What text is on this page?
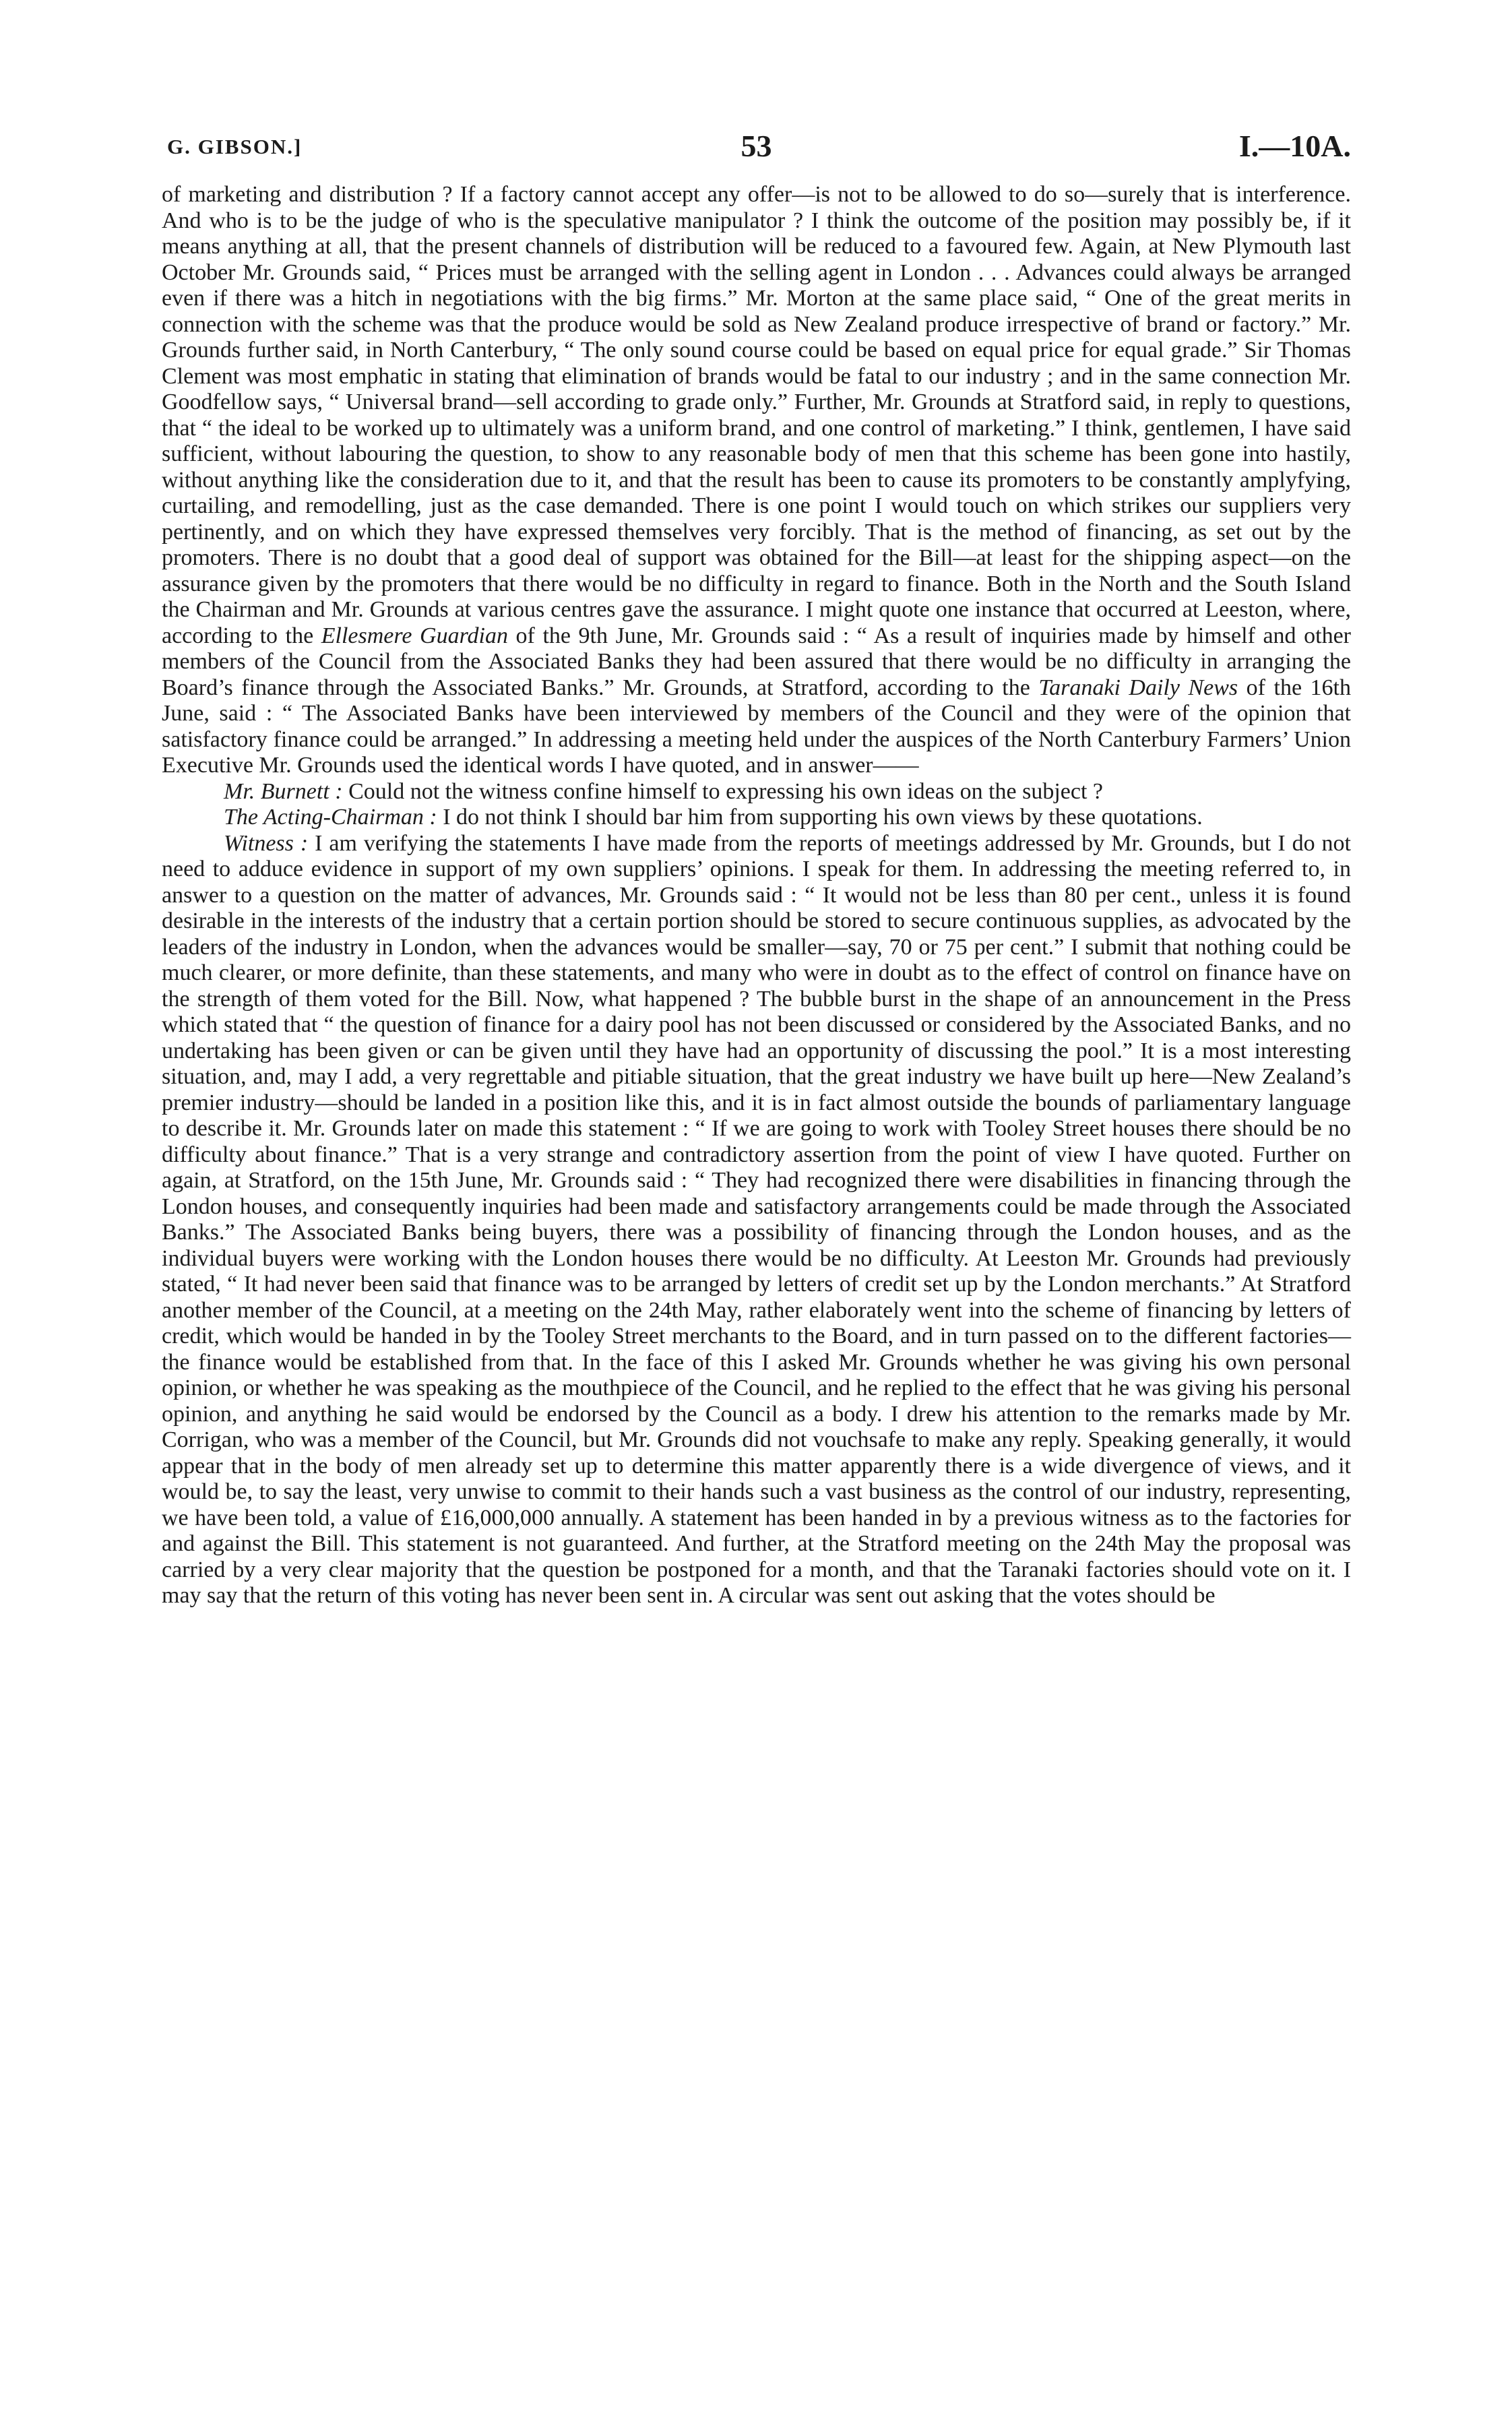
G. GIBSON.]	53	I.—10A.

of marketing and distribution ? If a factory cannot accept any offer—is not to be allowed to do so—surely that is interference. And who is to be the judge of who is the speculative manipulator ? I think the outcome of the position may possibly be, if it means anything at all, that the present channels of distribution will be reduced to a favoured few. Again, at New Plymouth last October Mr. Grounds said, “ Prices must be arranged with the selling agent in London . . . Advances could always be arranged even if there was a hitch in negotiations with the big firms.” Mr. Morton at the same place said, “ One of the great merits in connection with the scheme was that the produce would be sold as New Zealand produce irrespective of brand or factory.” Mr. Grounds further said, in North Canterbury, “ The only sound course could be based on equal price for equal grade.” Sir Thomas Clement was most emphatic in stating that elimination of brands would be fatal to our industry ; and in the same connection Mr. Goodfellow says, “ Universal brand—sell according to grade only.” Further, Mr. Grounds at Stratford said, in reply to questions, that “ the ideal to be worked up to ultimately was a uniform brand, and one control of marketing.” I think, gentlemen, I have said sufficient, without labouring the question, to show to any reasonable body of men that this scheme has been gone into hastily, without anything like the consideration due to it, and that the result has been to cause its promoters to be constantly amplyfying, curtailing, and remodelling, just as the case demanded. There is one point I would touch on which strikes our suppliers very pertinently, and on which they have expressed themselves very forcibly. That is the method of financing, as set out by the promoters. There is no doubt that a good deal of support was obtained for the Bill—at least for the shipping aspect—on the assurance given by the promoters that there would be no difficulty in regard to finance. Both in the North and the South Island the Chairman and Mr. Grounds at various centres gave the assurance. I might quote one instance that occurred at Leeston, where, according to the Ellesmere Guardian of the 9th June, Mr. Grounds said : “ As a result of inquiries made by himself and other members of the Council from the Associated Banks they had been assured that there would be no difficulty in arranging the Board’s finance through the Associated Banks.” Mr. Grounds, at Stratford, according to the Taranaki Daily News of the 16th June, said : “ The Associated Banks have been interviewed by members of the Council and they were of the opinion that satisfactory finance could be arranged.” In addressing a meeting held under the auspices of the North Canterbury Farmers’ Union Executive Mr. Grounds used the identical words I have quoted, and in answer——

Mr. Burnett : Could not the witness confine himself to expressing his own ideas on the subject ?

The Acting-Chairman : I do not think I should bar him from supporting his own views by these quotations.

Witness : I am verifying the statements I have made from the reports of meetings addressed by Mr. Grounds, but I do not need to adduce evidence in support of my own suppliers’ opinions. I speak for them. In addressing the meeting referred to, in answer to a question on the matter of advances, Mr. Grounds said : “ It would not be less than 80 per cent., unless it is found desirable in the interests of the industry that a certain portion should be stored to secure continuous supplies, as advocated by the leaders of the industry in London, when the advances would be smaller—say, 70 or 75 per cent.” I submit that nothing could be much clearer, or more definite, than these statements, and many who were in doubt as to the effect of control on finance have on the strength of them voted for the Bill. Now, what happened ? The bubble burst in the shape of an announcement in the Press which stated that “ the question of finance for a dairy pool has not been discussed or considered by the Associated Banks, and no undertaking has been given or can be given until they have had an opportunity of discussing the pool.” It is a most interesting situation, and, may I add, a very regrettable and pitiable situation, that the great industry we have built up here—New Zealand’s premier industry—should be landed in a position like this, and it is in fact almost outside the bounds of parliamentary language to describe it. Mr. Grounds later on made this statement : “ If we are going to work with Tooley Street houses there should be no difficulty about finance.” That is a very strange and contradictory assertion from the point of view I have quoted. Further on again, at Stratford, on the 15th June, Mr. Grounds said : “ They had recognized there were disabilities in financing through the London houses, and consequently inquiries had been made and satisfactory arrangements could be made through the Associated Banks.” The Associated Banks being buyers, there was a possibility of financing through the London houses, and as the individual buyers were working with the London houses there would be no difficulty. At Leeston Mr. Grounds had previously stated, “ It had never been said that finance was to be arranged by letters of credit set up by the London merchants.” At Stratford another member of the Council, at a meeting on the 24th May, rather elaborately went into the scheme of financing by letters of credit, which would be handed in by the Tooley Street merchants to the Board, and in turn passed on to the different factories—the finance would be established from that. In the face of this I asked Mr. Grounds whether he was giving his own personal opinion, or whether he was speaking as the mouthpiece of the Council, and he replied to the effect that he was giving his personal opinion, and anything he said would be endorsed by the Council as a body. I drew his attention to the remarks made by Mr. Corrigan, who was a member of the Council, but Mr. Grounds did not vouchsafe to make any reply. Speaking generally, it would appear that in the body of men already set up to determine this matter apparently there is a wide divergence of views, and it would be, to say the least, very unwise to commit to their hands such a vast business as the control of our industry, representing, we have been told, a value of £16,000,000 annually. A statement has been handed in by a previous witness as to the factories for and against the Bill. This statement is not guaranteed. And further, at the Stratford meeting on the 24th May the proposal was carried by a very clear majority that the question be postponed for a month, and that the Taranaki factories should vote on it. I may say that the return of this voting has never been sent in. A circular was sent out asking that the votes should be
